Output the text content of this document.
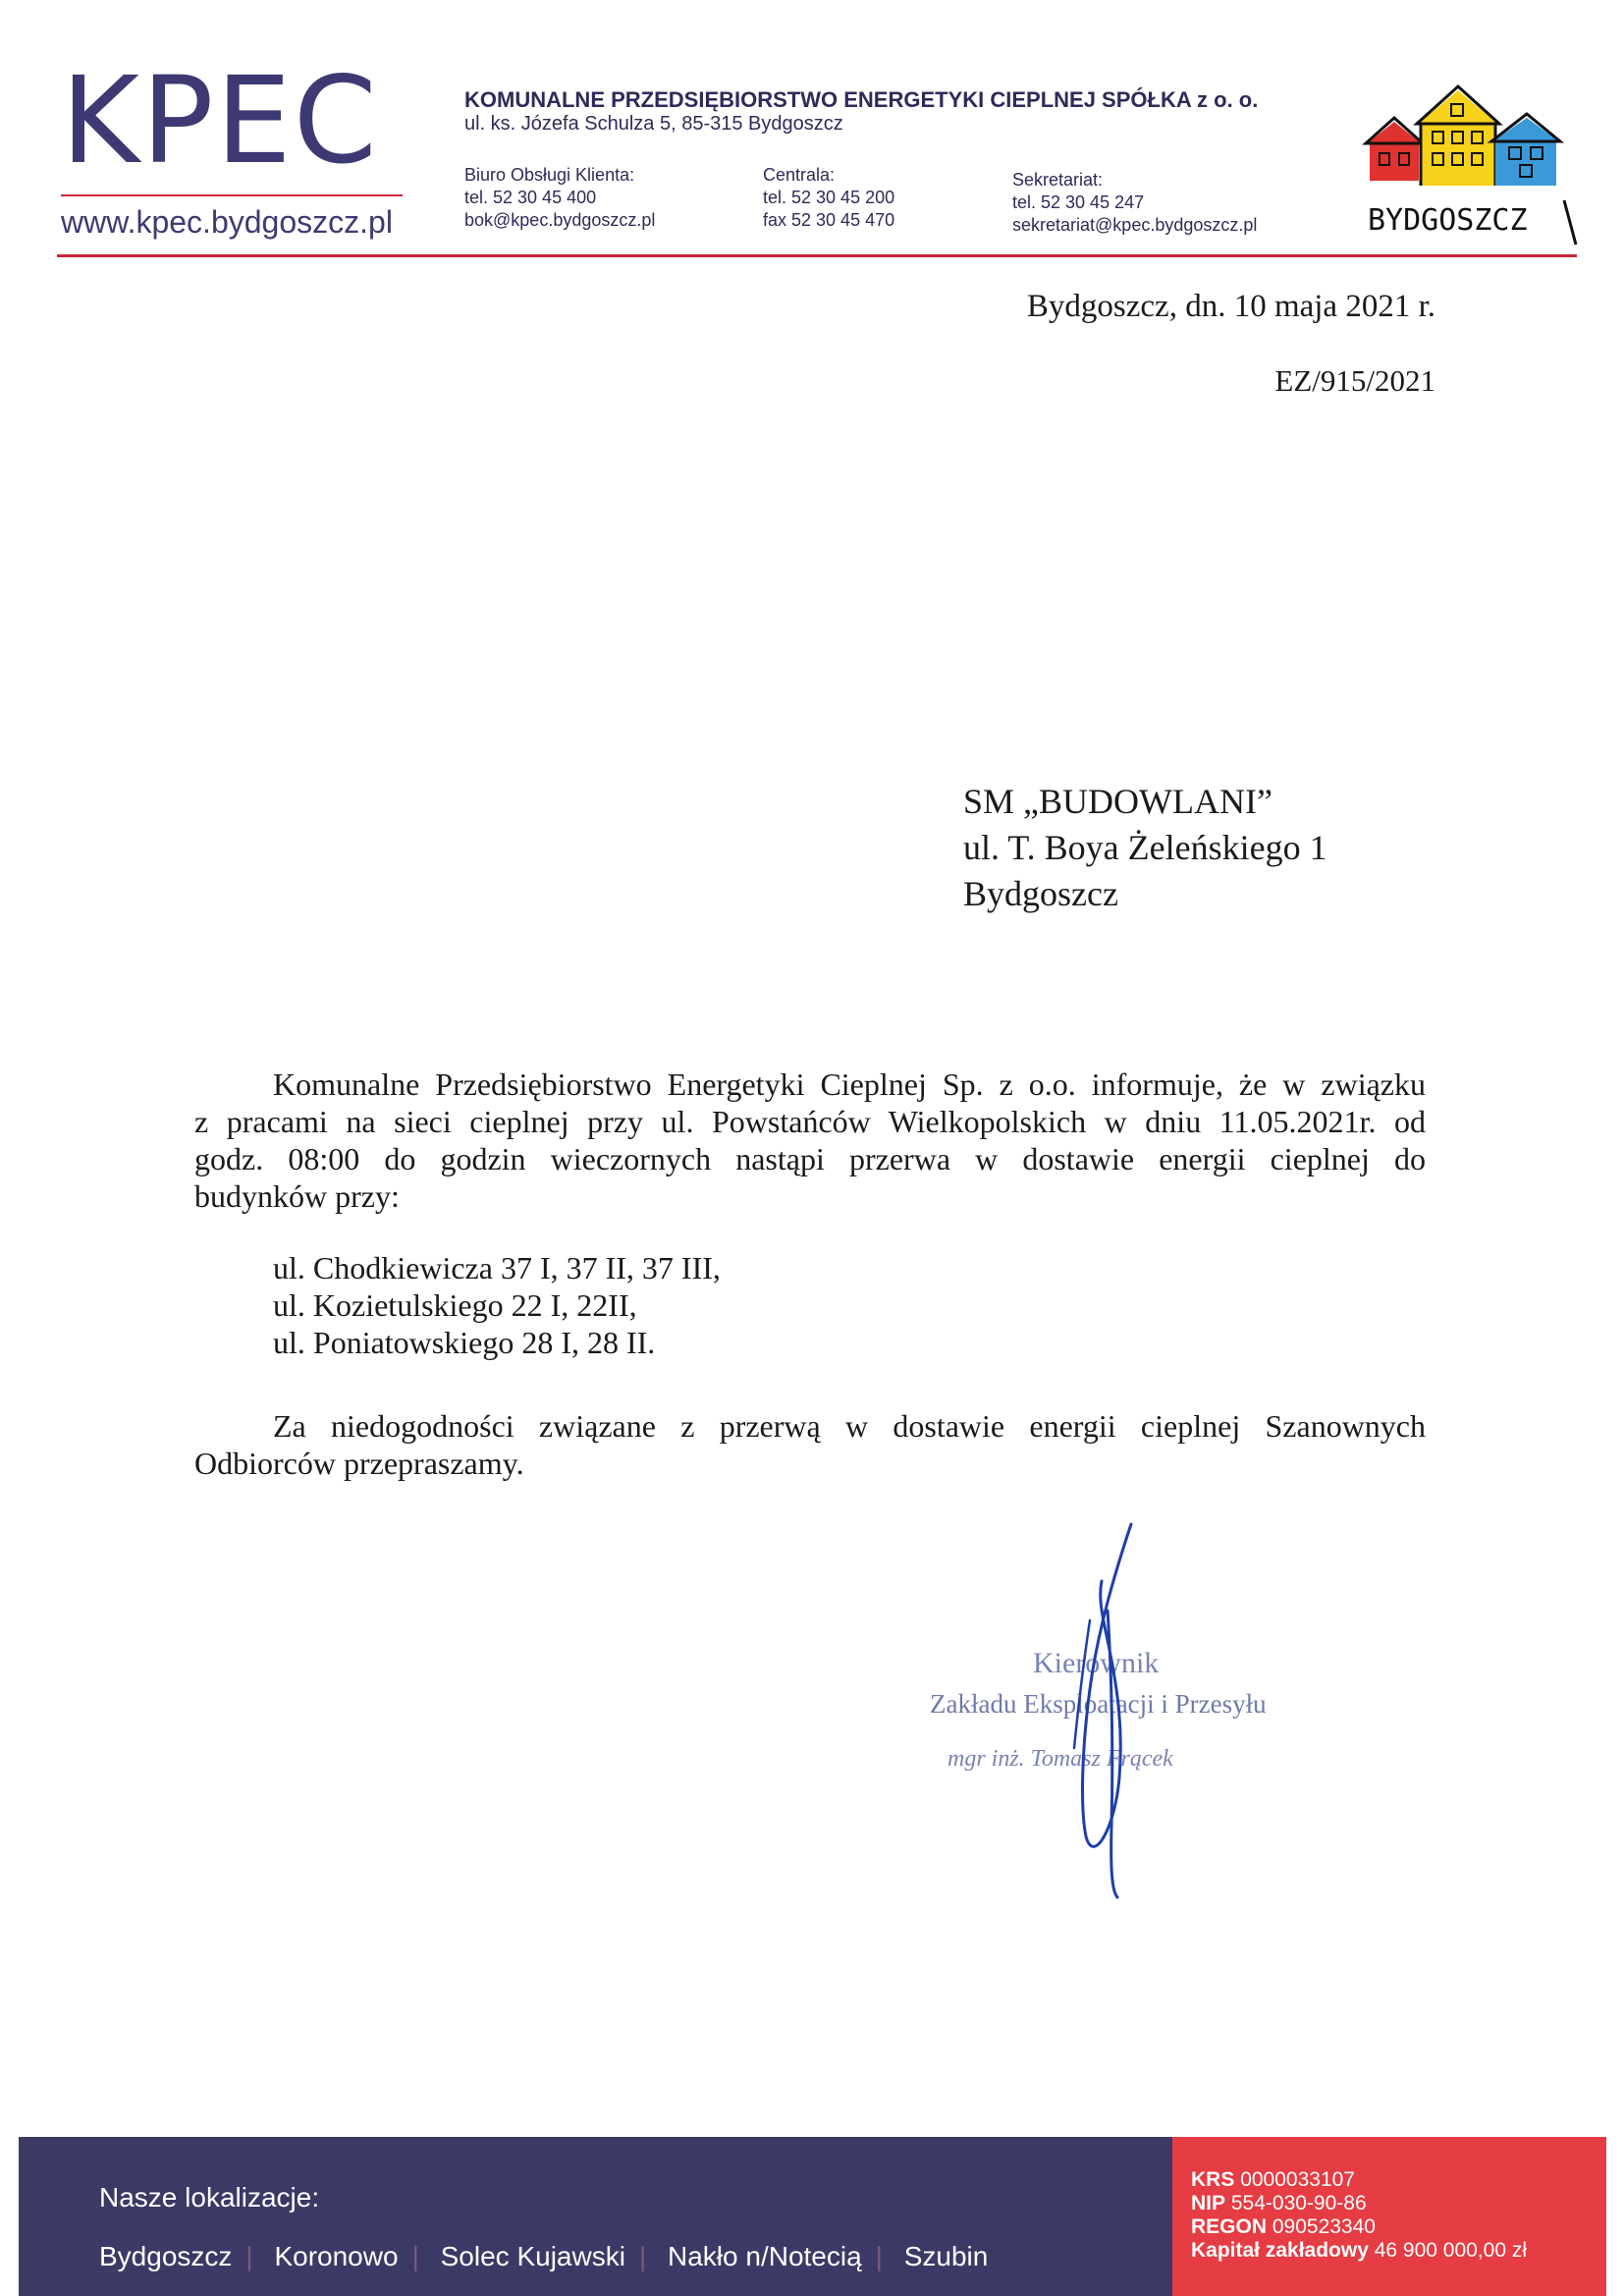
KPEC
www.kpec.bydgoszcz.pl
KOMUNALNE PRZEDSIĘBIORSTWO ENERGETYKI CIEPLNEJ SPÓŁKA z o. o.
ul. ks. Józefa Schulza 5, 85-315 Bydgoszcz
Biuro Obsługi Klienta:
tel. 52 30 45 400
bok@kpec.bydgoszcz.pl
Centrala:
tel. 52 30 45 200
fax 52 30 45 470
Sekretariat:
tel. 52 30 45 247
sekretariat@kpec.bydgoszcz.pl	BYDGOSZCZ
Bydgoszcz, dn. 10 maja 2021 r.
EZ/915/2021
SM „BUDOWLANI”
ul. T. Boya Żeleńskiego 1
Bydgoszcz
Komunalne Przedsiębiorstwo Energetyki Cieplnej Sp. z o.o. informuje, że w związku
z pracami na sieci cieplnej przy ul. Powstańców Wielkopolskich w dniu 11.05.2021r. od
godz. 08:00 do godzin wieczornych nastąpi przerwa w dostawie energii cieplnej do
budynków przy:
ul. Chodkiewicza 37 I, 37 II, 37 III,
ul. Kozietulskiego 22 I, 22II,
ul. Poniatowskiego 28 I, 28 II.
Za niedogodności związane z przerwą w dostawie energii cieplnej Szanownych
Odbiorców przepraszamy.
Kierownik
Zakładu Eksploatacji i Przesyłu
mgr inż. Tomasz Frącek
Nasze lokalizacje:
Bydgoszcz | Koronowo | Solec Kujawski | Nakło n/Notecią | Szubin
KRS 0000033107
NIP 554-030-90-86
REGON 090523340
Kapitał zakładowy 46 900 000,00 zł
